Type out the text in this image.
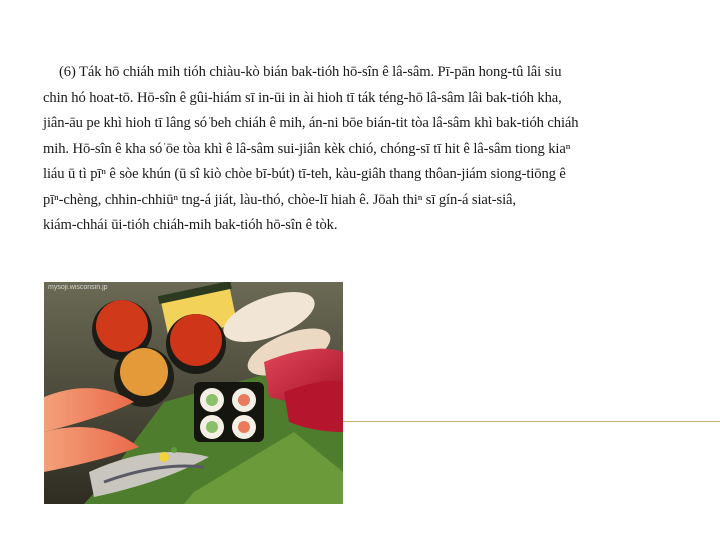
(6) Ták hō chiáh mih tióh chiàu-kò bián bak-tióh hō-sîn ê lâ-sâm. Pī-pān hong-tû lâi siu
chin hó hoat-tō. Hō-sîn ê gûi-hiám sī in-ūi in ài hioh tī ták téng-hō lâ-sâm lâi bak-tióh kha,
jiân-āu pe khì hioh tī lâng só͘ beh chiáh ê mih, án-ni bōe bián-tit tòa lâ-sâm khì bak-tióh chiáh
mih. Hō-sîn ê kha só͘ ōe tòa khì ê lâ-sâm sui-jiân kèk chió, chóng-sī tī hit ê lâ-sâm tiong kiaⁿ
liáu ū tì pīⁿ ê sòe khún (ū sî kiò chòe bī-bút) tī-teh, kàu-giâh thang thôan-jiám siong-tiōng ê
pīⁿ-chèng, chhin-chhiūⁿ tng-á jiát, làu-thó, chòe-lī hiah ê. Jōah thiⁿ sī gín-á siat-siâ,
kiám-chhái ūi-tióh chiáh-mih bak-tióh hō-sîn ê tòk.
mysoji.wisconsin.jp
